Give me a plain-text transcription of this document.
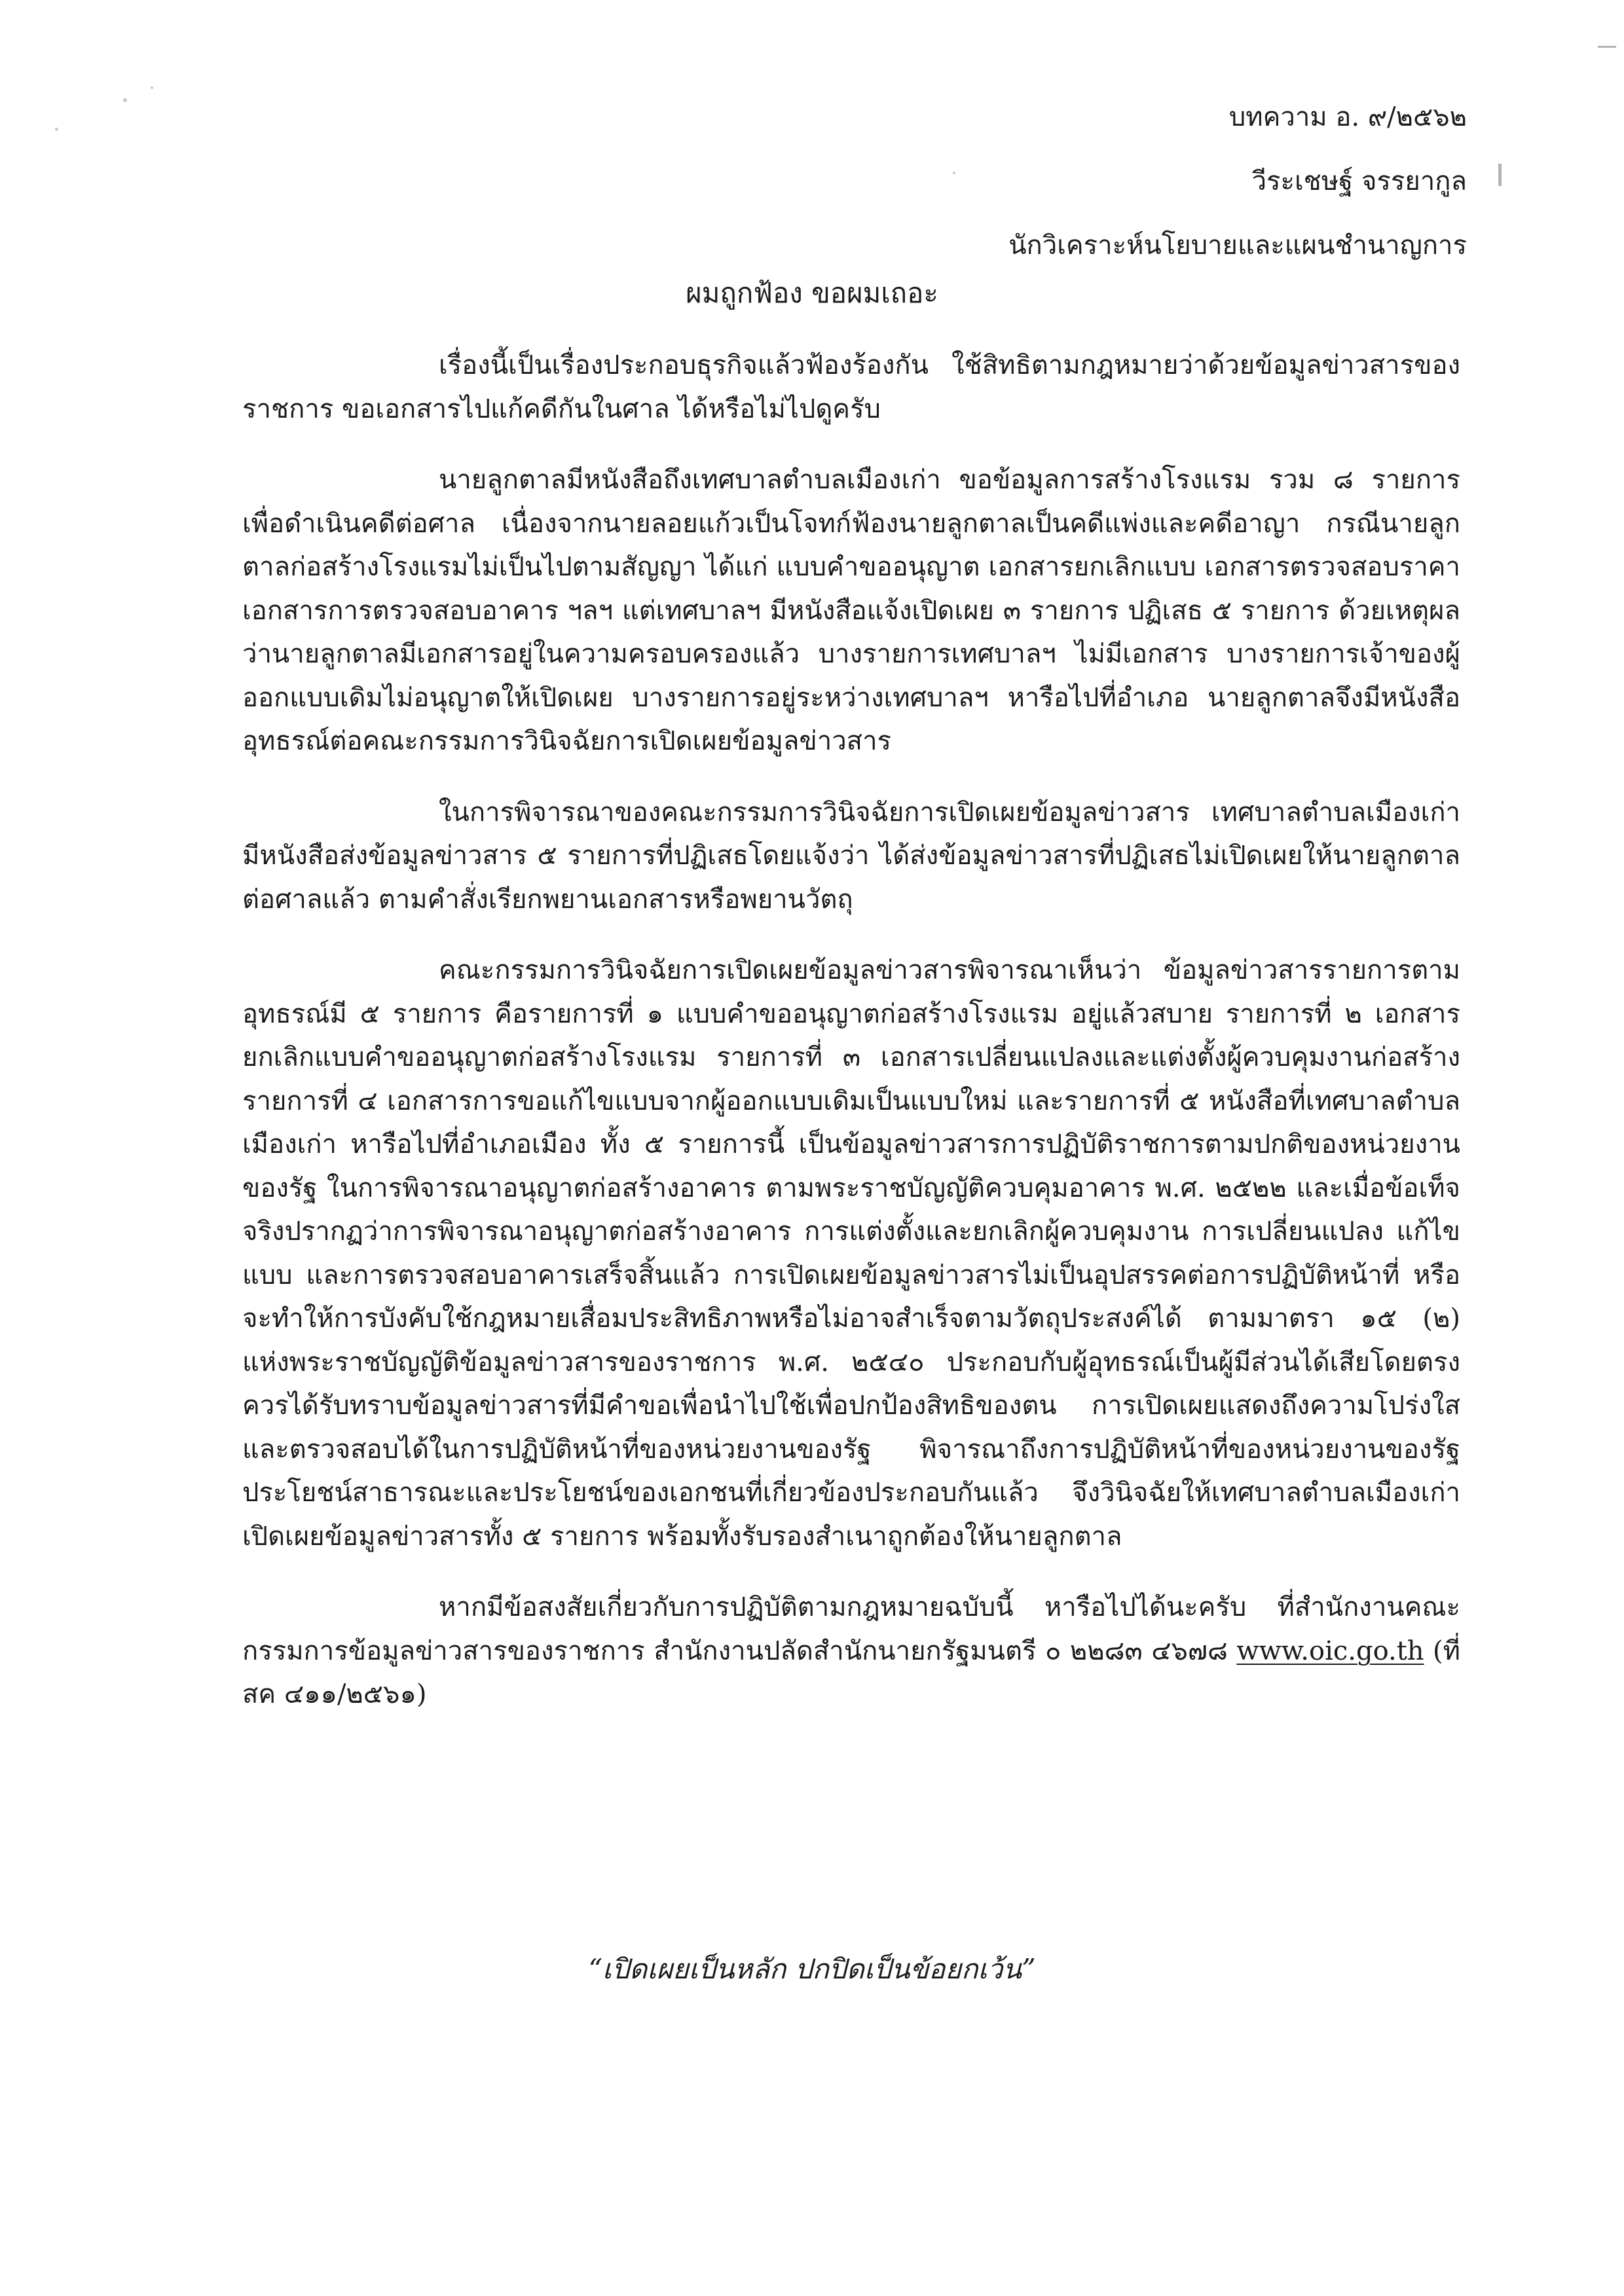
บทความ อ. ๙/๒๕๖๒
วีระเชษฐ์ จรรยากูล
นักวิเคราะห์นโยบายและแผนชำนาญการ
ผมถูกฟ้อง ขอผมเถอะ

เรื่องนี้เป็นเรื่องประกอบธุรกิจแล้วฟ้องร้องกัน ใช้สิทธิตามกฎหมายว่าด้วยข้อมูลข่าวสารของราชการ ขอเอกสารไปแก้คดีกันในศาล ได้หรือไม่ไปดูครับ

นายลูกตาลมีหนังสือถึงเทศบาลตำบลเมืองเก่า ขอข้อมูลการสร้างโรงแรม รวม ๘ รายการ เพื่อดำเนินคดีต่อศาล เนื่องจากนายลอยแก้วเป็นโจทก์ฟ้องนายลูกตาลเป็นคดีแพ่งและคดีอาญา กรณีนายลูกตาลก่อสร้างโรงแรมไม่เป็นไปตามสัญญา ได้แก่ แบบคำขออนุญาต เอกสารยกเลิกแบบ เอกสารตรวจสอบราคา เอกสารการตรวจสอบอาคาร ฯลฯ แต่เทศบาลฯ มีหนังสือแจ้งเปิดเผย ๓ รายการ ปฏิเสธ ๕ รายการ ด้วยเหตุผลว่านายลูกตาลมีเอกสารอยู่ในความครอบครองแล้ว บางรายการเทศบาลฯ ไม่มีเอกสาร บางรายการเจ้าของผู้ออกแบบเดิมไม่อนุญาตให้เปิดเผย บางรายการอยู่ระหว่างเทศบาลฯ หารือไปที่อำเภอ นายลูกตาลจึงมีหนังสืออุทธรณ์ต่อคณะกรรมการวินิจฉัยการเปิดเผยข้อมูลข่าวสาร

ในการพิจารณาของคณะกรรมการวินิจฉัยการเปิดเผยข้อมูลข่าวสาร เทศบาลตำบลเมืองเก่ามีหนังสือส่งข้อมูลข่าวสาร ๕ รายการที่ปฏิเสธโดยแจ้งว่า ได้ส่งข้อมูลข่าวสารที่ปฏิเสธไม่เปิดเผยให้นายลูกตาลต่อศาลแล้ว ตามคำสั่งเรียกพยานเอกสารหรือพยานวัตถุ

คณะกรรมการวินิจฉัยการเปิดเผยข้อมูลข่าวสารพิจารณาเห็นว่า ข้อมูลข่าวสารรายการตามอุทธรณ์มี ๕ รายการ คือรายการที่ ๑ แบบคำขออนุญาตก่อสร้างโรงแรม อยู่แล้วสบาย รายการที่ ๒ เอกสารยกเลิกแบบคำขออนุญาตก่อสร้างโรงแรม รายการที่ ๓ เอกสารเปลี่ยนแปลงและแต่งตั้งผู้ควบคุมงานก่อสร้าง รายการที่ ๔ เอกสารการขอแก้ไขแบบจากผู้ออกแบบเดิมเป็นแบบใหม่ และรายการที่ ๕ หนังสือที่เทศบาลตำบลเมืองเก่า หารือไปที่อำเภอเมือง ทั้ง ๕ รายการนี้ เป็นข้อมูลข่าวสารการปฏิบัติราชการตามปกติของหน่วยงานของรัฐ ในการพิจารณาอนุญาตก่อสร้างอาคาร ตามพระราชบัญญัติควบคุมอาคาร พ.ศ. ๒๕๒๒ และเมื่อข้อเท็จจริงปรากฏว่าการพิจารณาอนุญาตก่อสร้างอาคาร การแต่งตั้งและยกเลิกผู้ควบคุมงาน การเปลี่ยนแปลง แก้ไขแบบ และการตรวจสอบอาคารเสร็จสิ้นแล้ว การเปิดเผยข้อมูลข่าวสารไม่เป็นอุปสรรคต่อการปฏิบัติหน้าที่ หรือจะทำให้การบังคับใช้กฎหมายเสื่อมประสิทธิภาพหรือไม่อาจสำเร็จตามวัตถุประสงค์ได้ ตามมาตรา ๑๕ (๒) แห่งพระราชบัญญัติข้อมูลข่าวสารของราชการ พ.ศ. ๒๕๔๐ ประกอบกับผู้อุทธรณ์เป็นผู้มีส่วนได้เสียโดยตรงควรได้รับทราบข้อมูลข่าวสารที่มีคำขอเพื่อนำไปใช้เพื่อปกป้องสิทธิของตน การเปิดเผยแสดงถึงความโปร่งใสและตรวจสอบได้ในการปฏิบัติหน้าที่ของหน่วยงานของรัฐ พิจารณาถึงการปฏิบัติหน้าที่ของหน่วยงานของรัฐ ประโยชน์สาธารณะและประโยชน์ของเอกชนที่เกี่ยวข้องประกอบกันแล้ว จึงวินิจฉัยให้เทศบาลตำบลเมืองเก่า เปิดเผยข้อมูลข่าวสารทั้ง ๕ รายการ พร้อมทั้งรับรองสำเนาถูกต้องให้นายลูกตาล

หากมีข้อสงสัยเกี่ยวกับการปฏิบัติตามกฎหมายฉบับนี้ หารือไปได้นะครับ ที่สำนักงานคณะกรรมการข้อมูลข่าวสารของราชการ สำนักงานปลัดสำนักนายกรัฐมนตรี ๐ ๒๒๘๓ ๔๖๗๘ www.oic.go.th (ที่ สค ๔๑๑/๒๕๖๑)

“เปิดเผยเป็นหลัก ปกปิดเป็นข้อยกเว้น”
